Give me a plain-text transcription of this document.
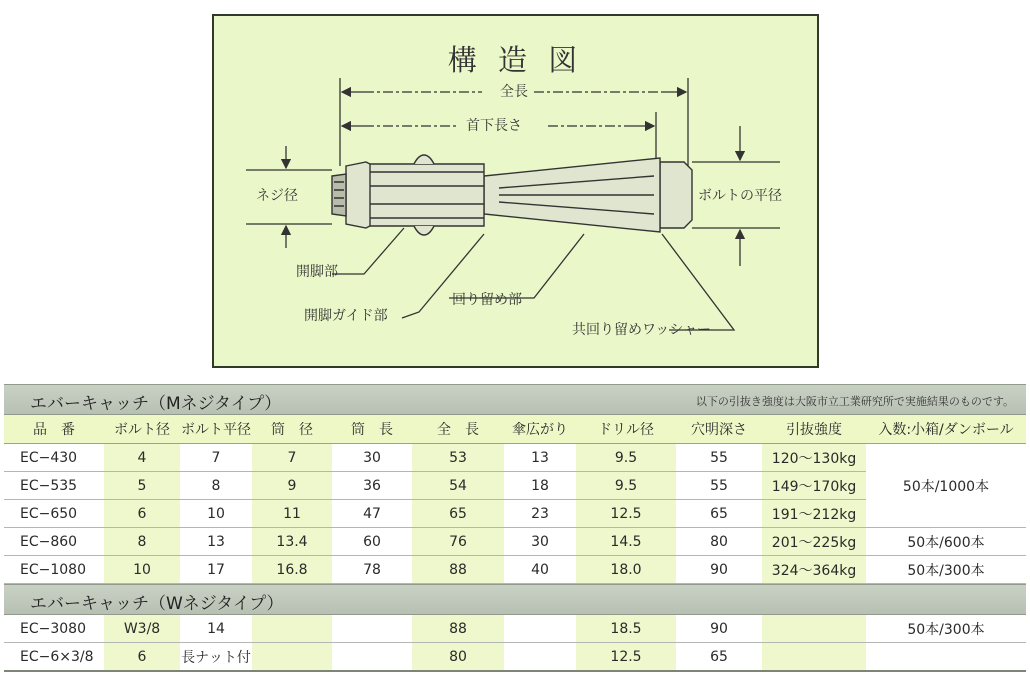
構 造 図
全長
首下長さ
ネジ径	ボルトの平径
開脚部
開脚ガイド部
回り留め部
共回り留めワッシャー
エバーキャッチ（Mネジタイプ）	以下の引抜き強度は大阪市立工業研究所で実施結果のものです。
品　番	ボルト径	ボルト平径	筒　径	筒　長	全　長	傘広がり	ドリル径	穴明深さ	引抜強度	入数:小箱/ダンボール
EC−430	4	7	7	30	53	13	9.5	55	120〜130kg	50本/1000本
EC−535	5	8	9	36	54	18	9.5	55	149〜170kg	
EC−650	6	10	11	47	65	23	12.5	65	191〜212kg	
EC−860	8	13	13.4	60	76	30	14.5	80	201〜225kg	50本/600本
EC−1080	10	17	16.8	78	88	40	18.0	90	324〜364kg	50本/300本
エバーキャッチ（Wネジタイプ）
EC−3080	W3/8	14			88		18.5	90		50本/300本
EC−6×3/8	6	長ナット付			80		12.5	65		
